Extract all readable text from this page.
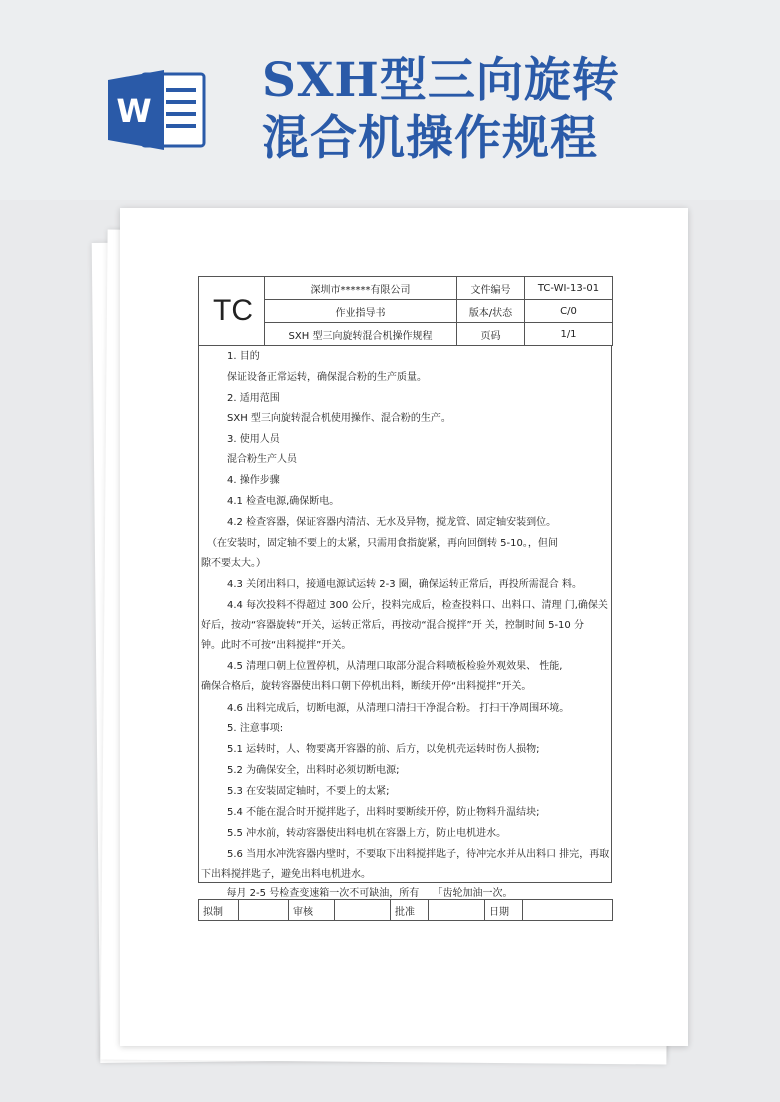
W
SXH型三向旋转
混合机操作规程
TC	深圳市******有限公司	文件编号	TC-WI-13-01
	作业指导书	版本/状态	C/0
	SXH 型三向旋转混合机操作规程	页码	1/1
1. 目的
保证设备正常运转，确保混合粉的生产质量。
2. 适用范围
SXH 型三向旋转混合机使用操作、混合粉的生产。
3. 使用人员
混合粉生产人员
4. 操作步骤
4.1 检查电源,确保断电。
4.2 检查容器，保证容器内清洁、无水及异物，搅龙管、固定轴安装到位。
（在安装时，固定轴不要上的太紧，只需用食指旋紧，再向回倒转 5-10。，但间
隙不要太大。）
4.3 关闭出料口，接通电源试运转 2-3 圈，确保运转正常后，再投所需混合 料。
4.4 每次投料不得超过 300 公斤，投料完成后，检查投料口、出料口、清理 门,确保关
好后，按动“容器旋转”开关，运转正常后，再按动“混合搅拌”开 关，控制时间 5-10 分
钟。此时不可按“出料搅拌”开关。
4.5 清理口朝上位置停机，从清理口取部分混合料喷板检验外观效果、 性能,
确保合格后，旋转容器使出料口朝下停机出料，断续开停“出料搅拌”开关。
4.6 出料完成后，切断电源，从清理口清扫干净混合粉。 打扫干净周围环境。
5. 注意事项:
5.1 运转时，人、物要离开容器的前、后方，以免机壳运转时伤人损物;
5.2 为确保安全，出料时必须切断电源;
5.3 在安装固定轴时，不要上的太紧;
5.4 不能在混合时开搅拌匙子，出料时要断续开停，防止物料升温结块;
5.5 冲水前，转动容器使出料电机在容器上方，防止电机进水。
5.6 当用水冲洗容器内壁时，不要取下出料搅拌匙子，待冲完水并从出料口 排完，再取
下出料搅拌匙子，避免出料电机进水。
每月 2-5 号检查变速箱一次不可缺油，所有					「齿轮加油一次。		
拟制		审核		批准		日期	
